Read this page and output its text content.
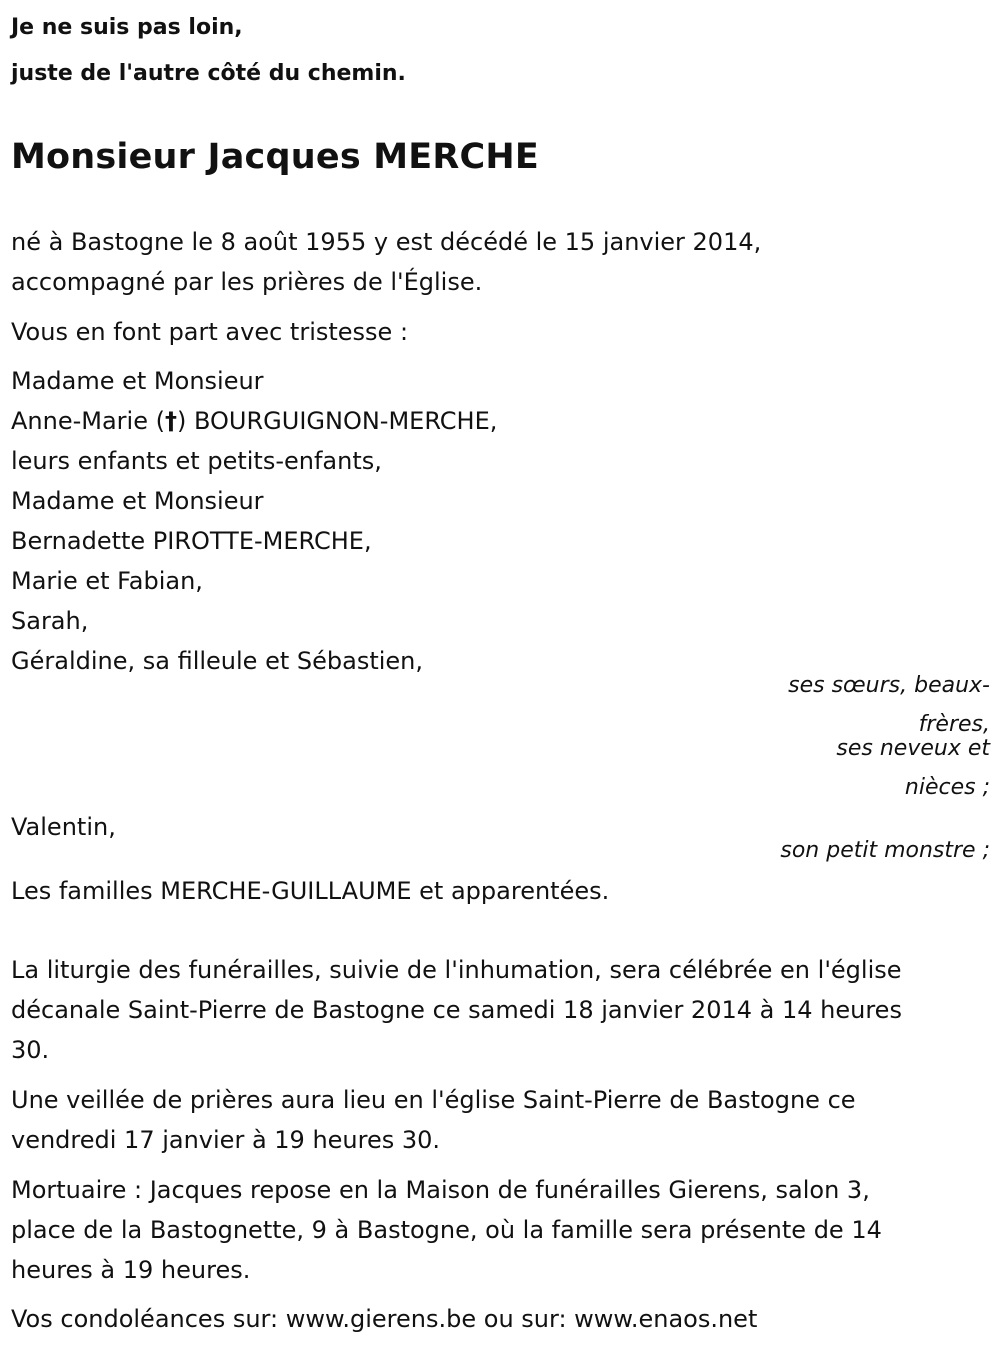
Je ne suis pas loin,

juste de l'autre côté du chemin.

Monsieur Jacques MERCHE

né à Bastogne le 8 août 1955 y est décédé le 15 janvier 2014,

accompagné par les prières de l'Église.

Vous en font part avec tristesse :

Madame et Monsieur

Anne-Marie (†) BOURGUIGNON-MERCHE,

leurs enfants et petits-enfants,

Madame et Monsieur

Bernadette PIROTTE-MERCHE,

Marie et Fabian,

Sarah,

Géraldine, sa filleule et Sébastien,

ses sœurs, beaux-

frères,

ses neveux et

nièces ;

Valentin,

son petit monstre ;

Les familles MERCHE-GUILLAUME et apparentées.

La liturgie des funérailles, suivie de l'inhumation, sera célébrée en l'église

décanale Saint-Pierre de Bastogne ce samedi 18 janvier 2014 à 14 heures

30.

Une veillée de prières aura lieu en l'église Saint-Pierre de Bastogne ce

vendredi 17 janvier à 19 heures 30.

Mortuaire : Jacques repose en la Maison de funérailles Gierens, salon 3,

place de la Bastognette, 9 à Bastogne, où la famille sera présente de 14

heures à 19 heures.

Vos condoléances sur: www.gierens.be ou sur: www.enaos.net
